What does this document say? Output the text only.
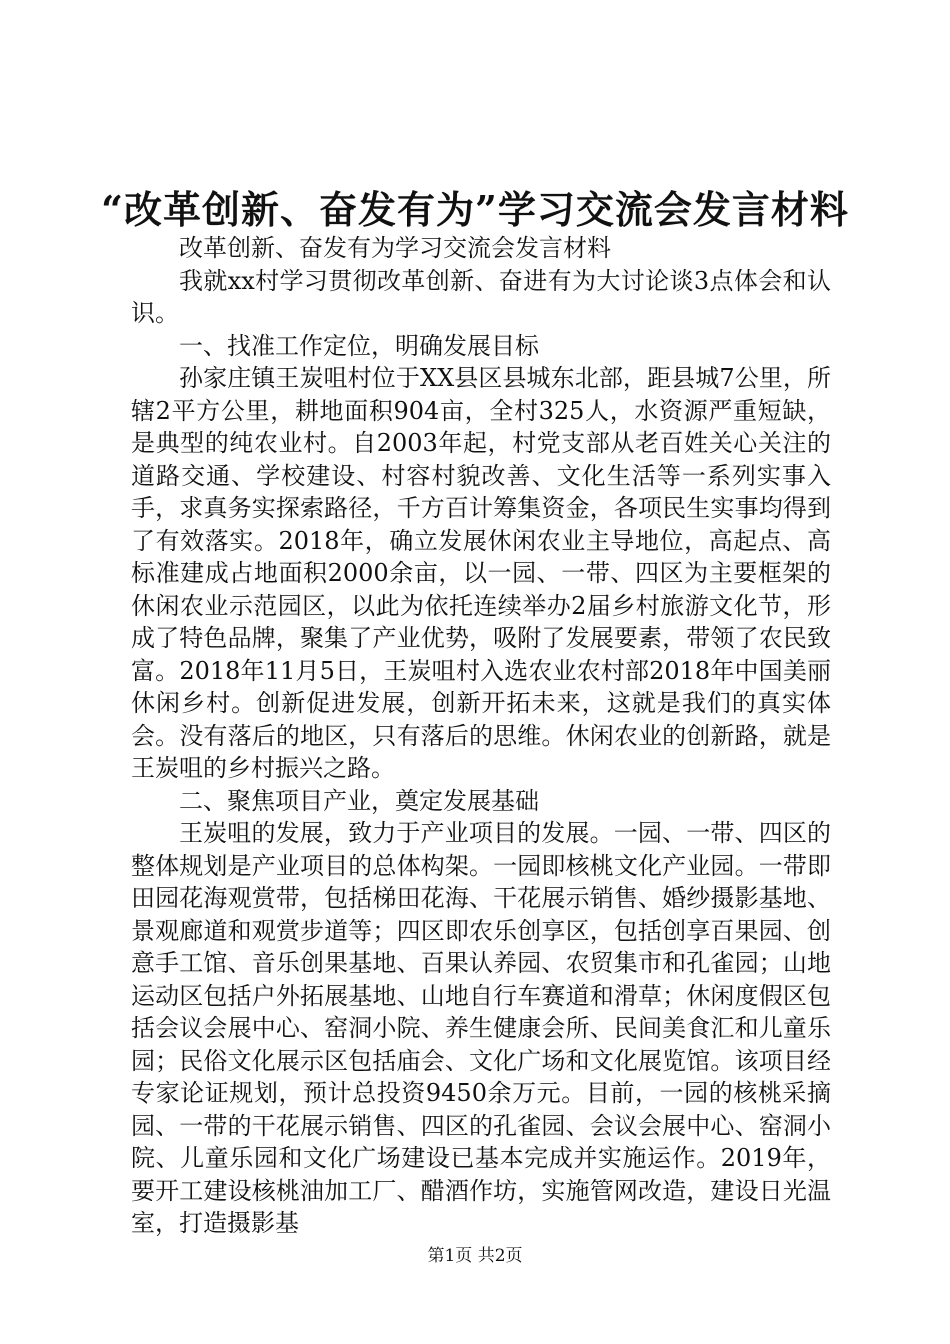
“改革创新、奋发有为”学习交流会发言材料

改革创新、奋发有为学习交流会发言材料

我就xx村学习贯彻改革创新、奋进有为大讨论谈3点体会和认识。

一、找准工作定位，明确发展目标

孙家庄镇王炭咀村位于XX县区县城东北部，距县城7公里，所辖2平方公里，耕地面积904亩，全村325人，水资源严重短缺，是典型的纯农业村。自2003年起，村党支部从老百姓关心关注的道路交通、学校建设、村容村貌改善、文化生活等一系列实事入手，求真务实探索路径，千方百计筹集资金，各项民生实事均得到了有效落实。2018年，确立发展休闲农业主导地位，高起点、高标准建成占地面积2000余亩，以一园、一带、四区为主要框架的休闲农业示范园区，以此为依托连续举办2届乡村旅游文化节，形成了特色品牌，聚集了产业优势，吸附了发展要素，带领了农民致富。2018年11月5日，王炭咀村入选农业农村部2018年中国美丽休闲乡村。创新促进发展，创新开拓未来，这就是我们的真实体会。没有落后的地区，只有落后的思维。休闲农业的创新路，就是王炭咀的乡村振兴之路。

二、聚焦项目产业，奠定发展基础

王炭咀的发展，致力于产业项目的发展。一园、一带、四区的整体规划是产业项目的总体构架。一园即核桃文化产业园。一带即田园花海观赏带，包括梯田花海、干花展示销售、婚纱摄影基地、景观廊道和观赏步道等；四区即农乐创享区，包括创享百果园、创意手工馆、音乐创果基地、百果认养园、农贸集市和孔雀园；山地运动区包括户外拓展基地、山地自行车赛道和滑草；休闲度假区包括会议会展中心、窑洞小院、养生健康会所、民间美食汇和儿童乐园；民俗文化展示区包括庙会、文化广场和文化展览馆。该项目经专家论证规划，预计总投资9450余万元。目前，一园的核桃采摘园、一带的干花展示销售、四区的孔雀园、会议会展中心、窑洞小院、儿童乐园和文化广场建设已基本完成并实施运作。2019年，要开工建设核桃油加工厂、醋酒作坊，实施管网改造，建设日光温室，打造摄影基

第1页 共2页
